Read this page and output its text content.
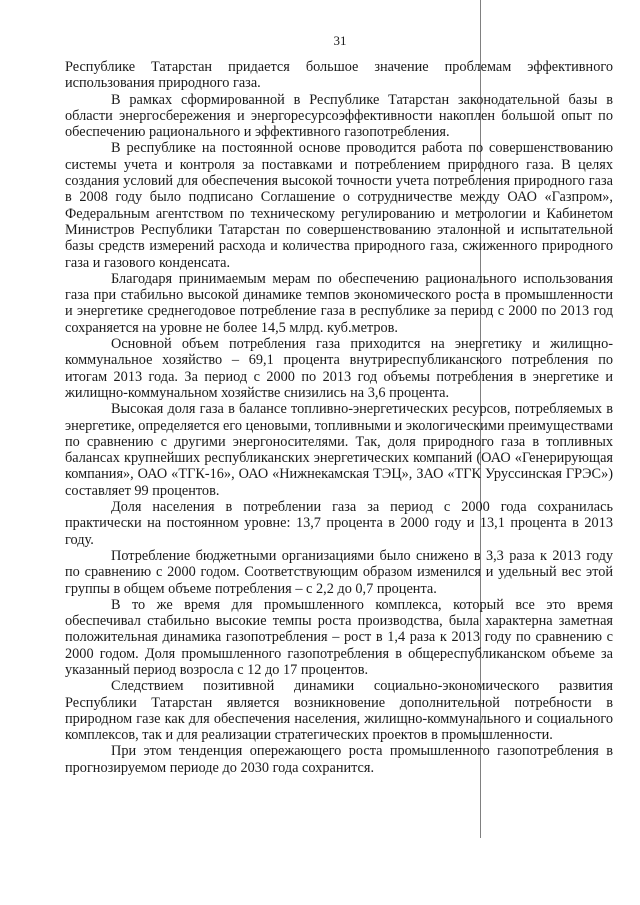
31

Республике Татарстан придается большое значение проблемам эффективного использования природного газа.

В рамках сформированной в Республике Татарстан законодательной базы в области энергосбережения и энергоресурсоэффективности накоплен большой опыт по обеспечению рационального и эффективного газопотребления.

В республике на постоянной основе проводится работа по совершенствованию системы учета и контроля за поставками и потреблением природного газа. В целях создания условий для обеспечения высокой точности учета потребления природного газа в 2008 году было подписано Соглашение о сотрудничестве между ОАО «Газпром», Федеральным агентством по техническому регулированию и метрологии и Кабинетом Министров Республики Татарстан по совершенствованию эталонной и испытательной базы средств измерений расхода и количества природного газа, сжиженного природного газа и газового конденсата.

Благодаря принимаемым мерам по обеспечению рационального использования газа при стабильно высокой динамике темпов экономического роста в промышленности и энергетике среднегодовое потребление газа в республике за период с 2000 по 2013 год сохраняется на уровне не более 14,5 млрд. куб.метров.

Основной объем потребления газа приходится на энергетику и жилищно-коммунальное хозяйство – 69,1 процента внутриреспубликанского потребления по итогам 2013 года. За период с 2000 по 2013 год объемы потребления в энергетике и жилищно-коммунальном хозяйстве снизились на 3,6 процента.

Высокая доля газа в балансе топливно-энергетических ресурсов, потребляемых в энергетике, определяется его ценовыми, топливными и экологическими преимуществами по сравнению с другими энергоносителями. Так, доля природного газа в топливных балансах крупнейших республиканских энергетических компаний (ОАО «Генерирующая компания», ОАО «ТГК-16», ОАО «Нижнекамская ТЭЦ», ЗАО «ТГК Уруссинская ГРЭС») составляет 99 процентов.

Доля населения в потреблении газа за период с 2000 года сохранилась практически на постоянном уровне: 13,7 процента в 2000 году и 13,1 процента в 2013 году.

Потребление бюджетными организациями было снижено в 3,3 раза к 2013 году по сравнению с 2000 годом. Соответствующим образом изменился и удельный вес этой группы в общем объеме потребления – с 2,2 до 0,7 процента.

В то же время для промышленного комплекса, который все это время обеспечивал стабильно высокие темпы роста производства, была характерна заметная положительная динамика газопотребления – рост в 1,4 раза к 2013 году по сравнению с 2000 годом. Доля промышленного газопотребления в общереспубликанском объеме за указанный период возросла с 12 до 17 процентов.

Следствием позитивной динамики социально-экономического развития Республики Татарстан является возникновение дополнительной потребности в природном газе как для обеспечения населения, жилищно-коммунального и социального комплексов, так и для реализации стратегических проектов в промышленности.

При этом тенденция опережающего роста промышленного газопотребления в прогнозируемом периоде до 2030 года сохранится.
